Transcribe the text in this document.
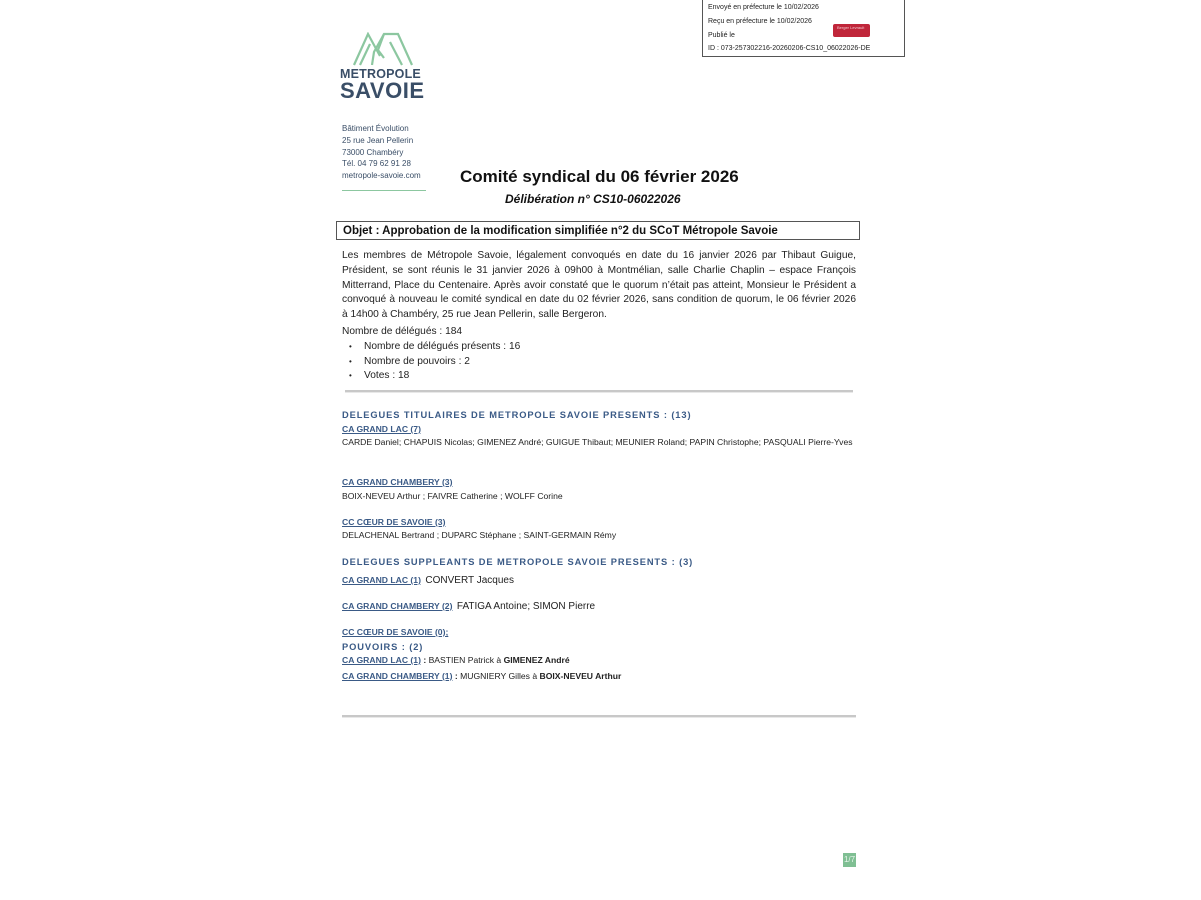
Envoyé en préfecture le 10/02/2026
Reçu en préfecture le 10/02/2026
Publié le
ID : 073-257302216-20260206-CS10_06022026-DE
Berger Levrault
METROPOLE
SAVOIE
Bâtiment Évolution
25 rue Jean Pellerin
73000 Chambéry
Tél. 04 79 62 91 28
metropole-savoie.com Comité syndical du 06 février 2026
Délibération n° CS10-06022026
Objet : Approbation de la modification simplifiée n°2 du SCoT Métropole Savoie
Les membres de Métropole Savoie, légalement convoqués en date du 16 janvier 2026 par Thibaut Guigue, Président, se sont réunis le 31 janvier 2026 à 09h00 à Montmélian, salle Charlie Chaplin – espace François Mitterrand, Place du Centenaire. Après avoir constaté que le quorum n’était pas atteint, Monsieur le Président a convoqué à nouveau le comité syndical en date du 02 février 2026, sans condition de quorum, le 06 février 2026 à 14h00 à Chambéry, 25 rue Jean Pellerin, salle Bergeron.
Nombre de délégués : 184
• Nombre de délégués présents : 16
• Nombre de pouvoirs : 2
• Votes : 18
DELEGUES TITULAIRES DE METROPOLE SAVOIE PRESENTS : (13)
CA GRAND LAC (7)
CARDE Daniel; CHAPUIS Nicolas; GIMENEZ André; GUIGUE Thibaut; MEUNIER Roland; PAPIN Christophe; PASQUALI Pierre-Yves
CA GRAND CHAMBERY (3)
BOIX-NEVEU Arthur ; FAIVRE Catherine ; WOLFF Corine
CC CŒUR DE SAVOIE (3)
DELACHENAL Bertrand ; DUPARC Stéphane ; SAINT-GERMAIN Rémy
DELEGUES SUPPLEANTS DE METROPOLE SAVOIE PRESENTS : (3)
CA GRAND LAC (1) CONVERT Jacques
CA GRAND CHAMBERY (2) FATIGA Antoine; SIMON Pierre
CC CŒUR DE SAVOIE (0);
POUVOIRS : (2)
CA GRAND LAC (1) : BASTIEN Patrick à GIMENEZ André
CA GRAND CHAMBERY (1) : MUGNIERY Gilles à BOIX-NEVEU Arthur
1/7
